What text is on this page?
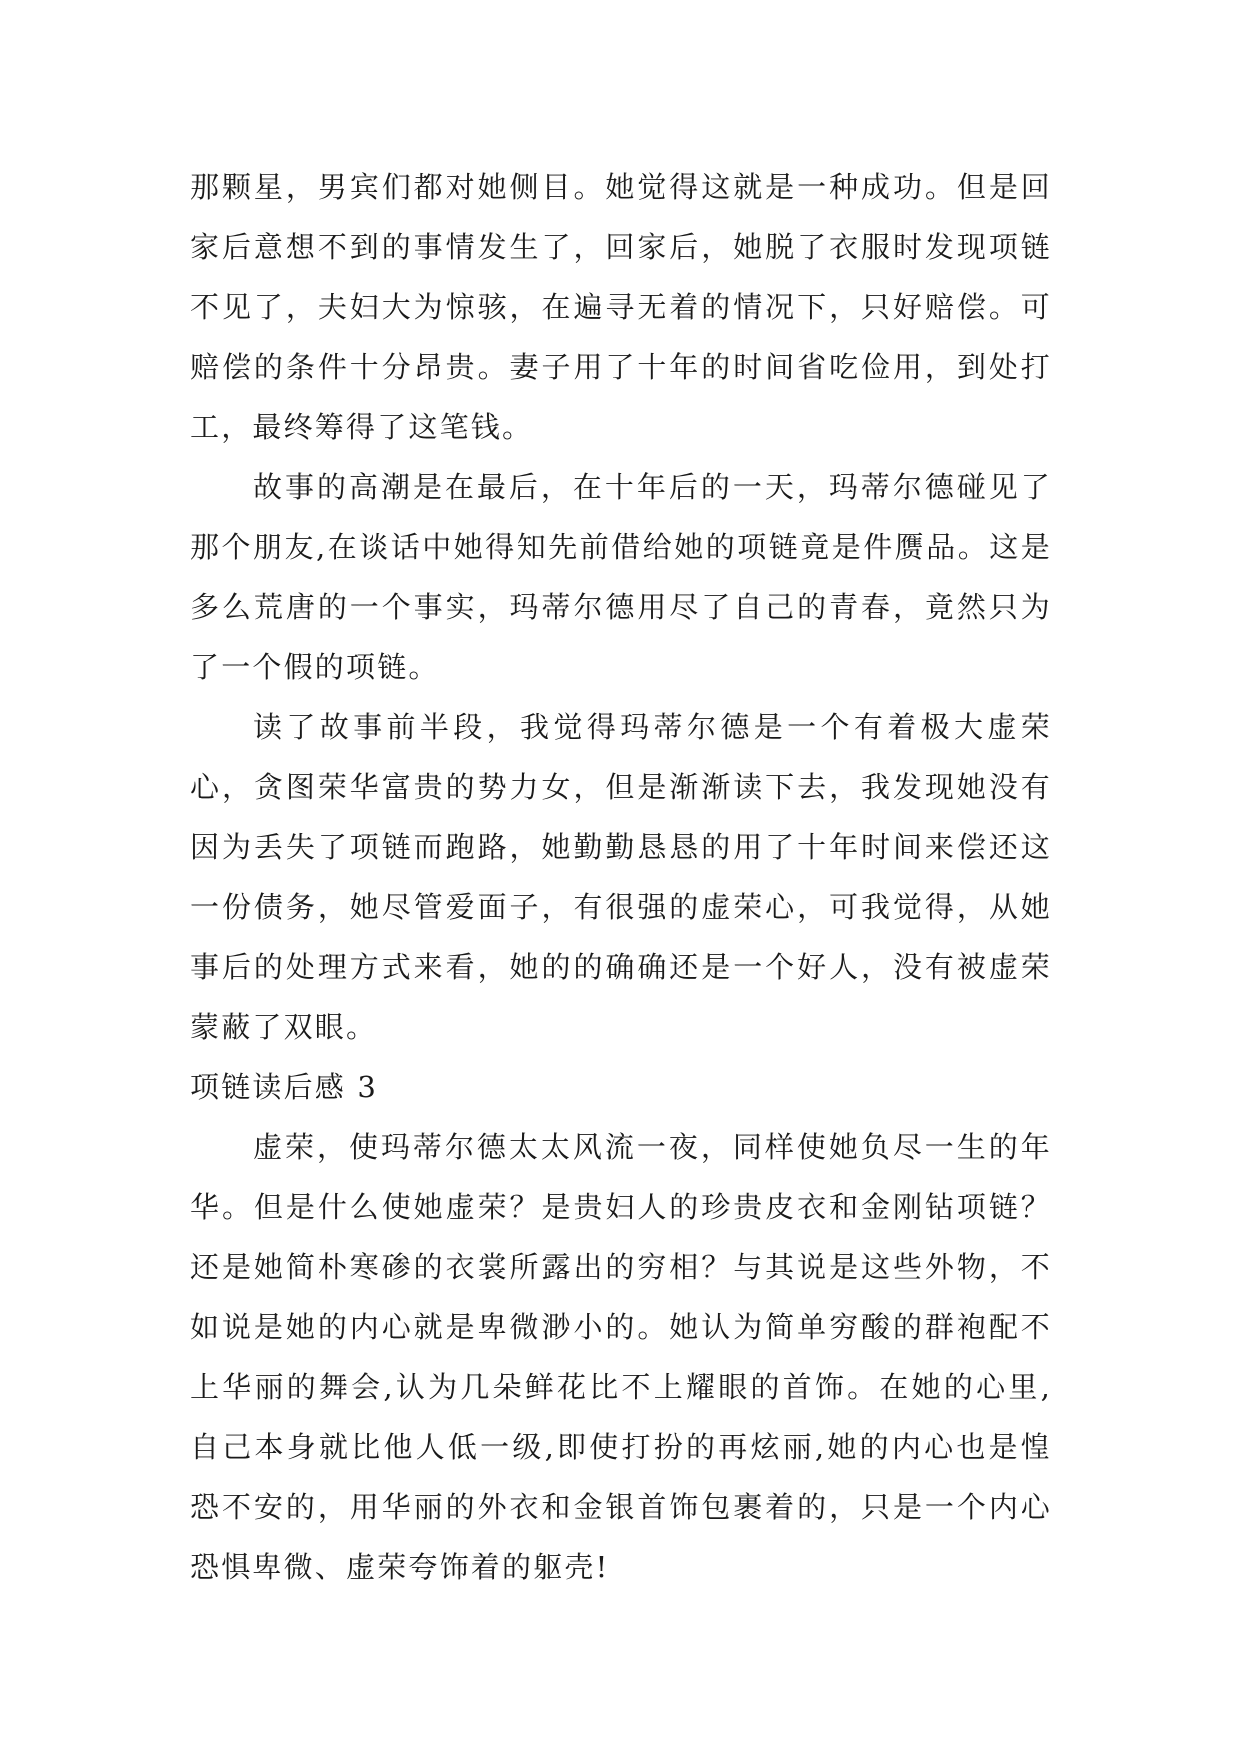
那颗星，男宾们都对她侧目。她觉得这就是一种成功。但是回家后意想不到的事情发生了，回家后，她脱了衣服时发现项链不见了，夫妇大为惊骇，在遍寻无着的情况下，只好赔偿。可赔偿的条件十分昂贵。妻子用了十年的时间省吃俭用，到处打工，最终筹得了这笔钱。

故事的高潮是在最后，在十年后的一天，玛蒂尔德碰见了那个朋友,在谈话中她得知先前借给她的项链竟是件赝品。这是多么荒唐的一个事实，玛蒂尔德用尽了自己的青春，竟然只为了一个假的项链。

读了故事前半段，我觉得玛蒂尔德是一个有着极大虚荣心，贪图荣华富贵的势力女，但是渐渐读下去，我发现她没有因为丢失了项链而跑路，她勤勤恳恳的用了十年时间来偿还这一份债务，她尽管爱面子，有很强的虚荣心，可我觉得，从她事后的处理方式来看，她的的确确还是一个好人，没有被虚荣蒙蔽了双眼。

项链读后感 3

虚荣，使玛蒂尔德太太风流一夜，同样使她负尽一生的年华。但是什么使她虚荣？是贵妇人的珍贵皮衣和金刚钻项链？还是她简朴寒碜的衣裳所露出的穷相？与其说是这些外物，不如说是她的内心就是卑微渺小的。她认为简单穷酸的群袍配不上华丽的舞会,认为几朵鲜花比不上耀眼的首饰。在她的心里,自己本身就比他人低一级,即使打扮的再炫丽,她的内心也是惶恐不安的，用华丽的外衣和金银首饰包裹着的，只是一个内心恐惧卑微、虚荣夸饰着的躯壳!
